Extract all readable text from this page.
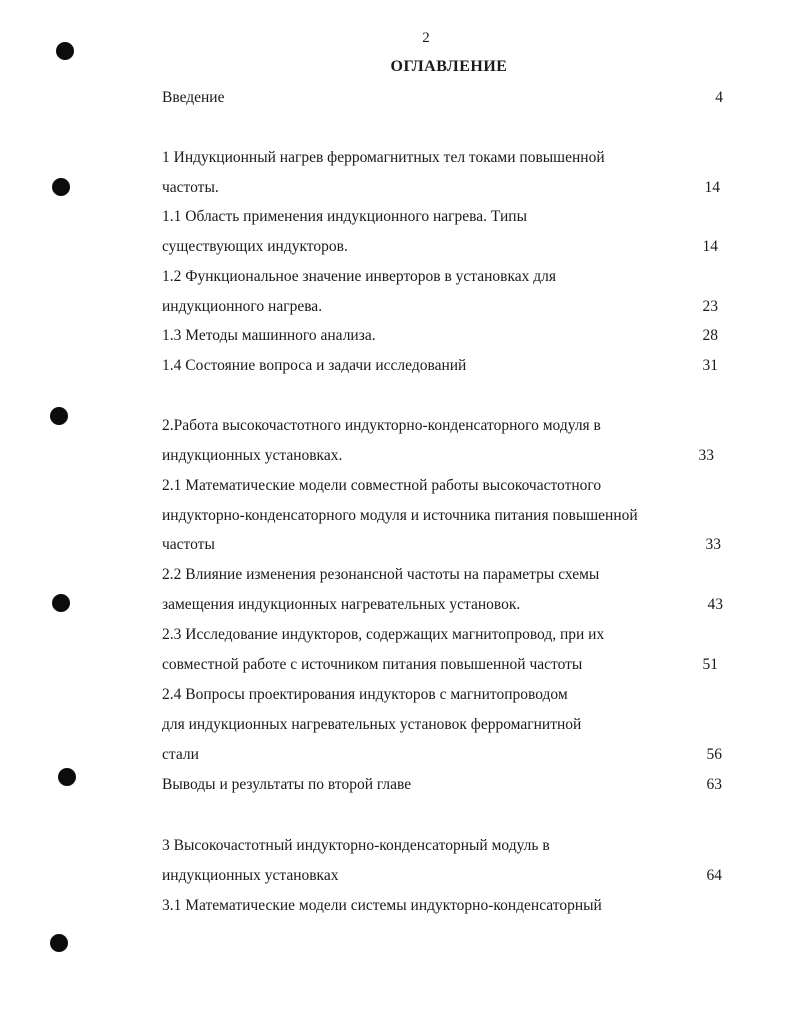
2
ОГЛАВЛЕНИЕ
Введение	4
1 Индукционный нагрев ферромагнитных тел токами повышенной
частоты.	14
1.1 Область применения индукционного нагрева. Типы
существующих индукторов.	14
1.2 Функциональное значение инверторов в установках для
индукционного нагрева.	23
1.3 Методы машинного анализа.	28
1.4 Состояние вопроса и задачи исследований	31
2.Работа высокочастотного индукторно-конденсаторного модуля в
индукционных установках.	33
2.1 Математические модели совместной работы высокочастотного
индукторно-конденсаторного модуля и источника питания повышенной
частоты	33
2.2 Влияние изменения резонансной частоты на параметры схемы
замещения индукционных нагревательных установок.	43
2.3 Исследование индукторов, содержащих магнитопровод, при их
совместной работе с источником питания повышенной частоты	51
2.4 Вопросы проектирования индукторов с магнитопроводом
для индукционных нагревательных установок ферромагнитной
стали	56
Выводы и результаты по второй главе	63
3 Высокочастотный индукторно-конденсаторный модуль в
индукционных установках	64
3.1 Математические модели системы индукторно-конденсаторный
